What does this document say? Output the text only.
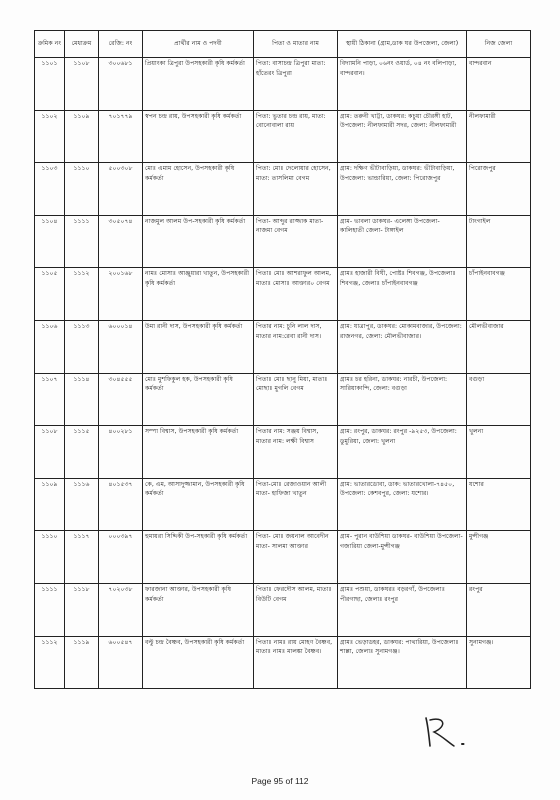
ক্রমিক নং	মেধাক্রম	রেজি: নং	প্রার্থীর নাম ও পদবী	পিতা ও মাতার নাম	স্থায়ী ঠিকানা (গ্রাম,ডাক ঘর উপজেলা, জেলা)	নিজ জেলা
১১০১	১১০৮	৩০০৬৮১	প্রিয়াংকা ত্রিপুরা উপসহকারী কৃষি কর্মকর্তা	পিতা: বাসাচন্দ্র ত্রিপুরা মাতা: হাঁতেরং ত্রিপুরা	বিদ্যামনি পাড়া, ০৬নং ওয়ার্ড, ০৪ নং বলিপাড়া, বান্দরবান।	বান্দরবান
১১০২	১১০৯	৭০১৭৭৯	স্বপন চন্দ্র রায়, উপসহকারী কৃষি কর্মকর্তা	পিতা: ভুতার চন্দ্র রায়, মাতা: বোনোবালা রায়	গ্রাম: তরুনী খাট্টা, ডাকঘর: কচুয়া চৌরঙ্গী হাট, উপজেলা: নীলফামারী সদর, জেলা: নীলফামারী	নীলফামারী
১১০৩	১১১০	৫০০৩০৮	মোঃ এমাম হোসেন, উপসহকারী কৃষি কর্মকর্তা	পিতা: মোঃ দেলোয়ার হোসেন, মাতা: তাসলিমা বেগম	গ্রাম: দক্ষিণ ভীটাবাড়িয়া, ডাকঘর: ভীটাবাড়িয়া, উপজেলা: ভান্ডারিয়া, জেলা: পিরোজপুর	পিরোজপুর
১১০৪	১১১১	৩০৫০৭৪	নাজমুল আলম উপ-সহকারী কৃষি কর্মকর্তা	পিতা- আব্দুর রাজ্জাক মাতা- নাজমা বেগম	গ্রাম- ভাবলা ডাকঘর- এলেঙ্গা উপজেলা- কালিহাতী জেলা- টাঙ্গাইল	টাংগাইল
১১০৫	১১১২	২০০১৬৮	নামঃ মোসাঃ আঞ্জুয়ারা খাতুন, উপসহকারী কৃষি কর্মকর্তা	পিতাঃ মোঃ আশরাফুল আলম, মাতাঃ মোসাঃ আক্তার০ বেগম	গ্রামঃ হাজারী বিঘী, পোষ্টঃ শিবগঞ্জ, উপজেলাঃ শিবগঞ্জ, জেলাঃ চাঁপাইনবাবগঞ্জ	চাঁপাইনবাবগঞ্জ
১১০৬	১১১৩	৬০০০১৪	উমা রানী দাস, উপসহকারী কৃষি কর্মকর্তা	পিতার নাম: চুনি লাল দাস, মাতার নাম:রেবা রানী দাস।	গ্রাম: যাত্রাপুর, ডাকঘর: মোকামবাজার, উপজেলা: রাজনগর, জেলা: মৌলভীবাজার।	মৌলভীবাজার
১১০৭	১১১৪	৩০৪৫৫৫	মোঃ মুশফিকুল হক, উপসহকারী কৃষি কর্মকর্তা	পিতাঃ মোঃ ছানু মিয়া, মাতাঃ মোছাঃ মুগলি বেগম	গ্রামঃ চর হরিনা, ডাকঘর: নারচী, উপজেলা: সারিয়াকান্দি, জেলা: বগুড়া	বগুড়া
১১০৮	১১১৫	৪০০২৮১	সম্পা বিশ্বাস, উপসহকারী কৃষি কর্মকর্তা	পিতার নাম: সঞ্জয় বিশ্বাস, মাতার নাম: লক্ষী বিশ্বাস	গ্রাম: রংপুর, ডাকঘর: রংপুর -৯২৫৩, উপজেলা: ডুমুরিয়া, জেলা: খুলনা	খুলনা
১১০৯	১১১৬	৪০১৫৩৭	কে, এম, আসাদুজ্জামান, উপসহকারী কৃষি কর্মকর্তা	পিতা-মোঃ রেজাওয়ান আলী মাতা- হাফিজা খাতুন	গ্রাম: ভাতারডোবা, ডাক: ভাতারখোলা-৭৪৫০, উপজেলা: কেশবপুর, জেলা: যশোর।	যশোর
১১১০	১১১৭	০০০৩৯৭	হুমায়রা সিদ্দিকী উপ-সহকারী কৃষি কর্মকর্তা	পিতা- মোঃ জয়নাল আবেদীন মাতা- সালমা আক্তার	গ্রাম- পুরান বাউশিয়া ডাকঘর- বাউশিয়া উপজেলা- গজারিয়া জেলা-মুন্সীগঞ্জ	মুন্সীগঞ্জ
১১১১	১১১৮	৭০২০৩৮	ফারজানা আক্তার, উপসহকারী কৃষি কর্মকর্তা	পিতাঃ ফেরদৌস আলম, মাতাঃ বিউটি বেগম	গ্রামঃ পশুয়া, ডাকঘরঃ বড়রগাঁ, উপজেলাঃ পীরগাছা, জেলাঃ রংপুর	রংপুর
১১১২	১১১৯	৬০০৫৪৭	বল্টু চন্দ্র বৈষ্ণব, উপসহকারী কৃষি কর্মকর্তা	পিতাঃ নামঃ রায় মোহণ বৈষ্ণব, মাতাঃ নামঃ মালঙ্কা বৈষ্ণব।	গ্রামঃ ভেড়াডহর, ডাকঘর: পাথারিয়া, উপজেলাঃ শাল্লা, জেলাঃ সুনামগঞ্জ।	সুনামগঞ্জ।
Page 95 of 112
